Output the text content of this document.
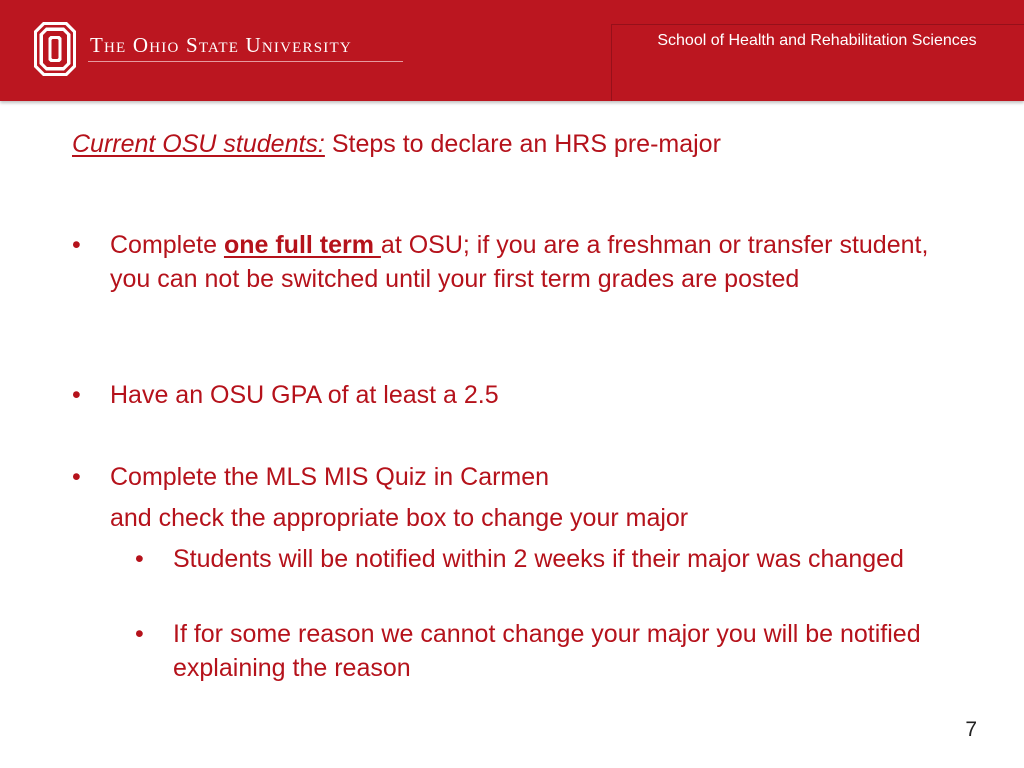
The Ohio State University	School of Health and Rehabilitation Sciences
Current OSU students: Steps to declare an HRS pre-major
• Complete one full term at OSU; if you are a freshman or transfer student, you can not be switched until your first term grades are posted
• Have an OSU GPA of at least a 2.5
• Complete the MLS MIS Quiz in Carmen
and check the appropriate box to change your major
• Students will be notified within 2 weeks if their major was changed
• If for some reason we cannot change your major you will be notified explaining the reason
7
